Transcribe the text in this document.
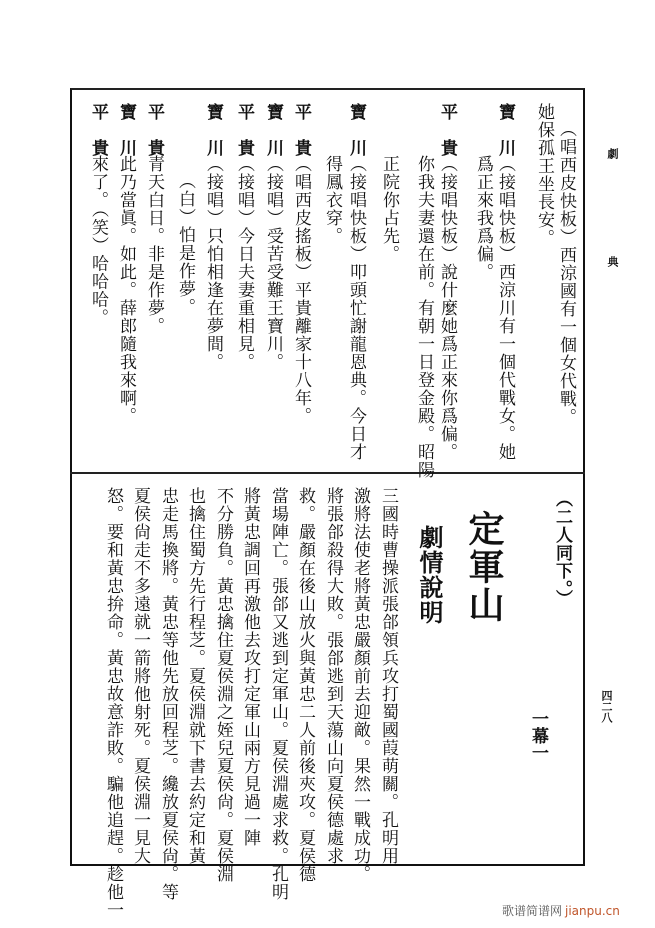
劇
典
四二八
（唱西皮快板）西涼國有一個女代戰。
她保孤王坐長安。
寶川
（接唱快板）西涼川有一個代戰女。她
爲正來我爲偏。
平貴
（接唱快板）說什麼她爲正來你爲偏。
你我夫妻還在前。有朝一日登金殿。昭陽
正院你占先。
寶川
（接唱快板）叩頭忙謝龍恩典。今日才
得鳳衣穿。
平貴
（唱西皮搖板）平貴離家十八年。
寶川
（接唱）受苦受難王寶川。
平貴
（接唱）今日夫妻重相見。
寶川
（接唱）只怕相逢在夢間。
（白）怕是作夢。
平貴
青天白日。非是作夢。
寶川
此乃當眞。如此。薛郎隨我來啊。
平貴
來了。（笑）哈哈哈。
（二人同下。）
一幕一
定軍山
劇情說明
三國時曹操派張郃領兵攻打蜀國葭萌關。孔明用
激將法使老將黃忠嚴顏前去迎敵。果然一戰成功。
將張郃殺得大敗。張郃逃到天蕩山向夏侯德處求
救。嚴顏在後山放火與黃忠二人前後夾攻。夏侯德
當場陣亡。張郃又逃到定軍山。夏侯淵處求救。孔明
將黃忠調回再激他去攻打定軍山兩方見過一陣
不分勝負。黃忠擒住夏侯淵之姪兒夏侯尙。夏侯淵
也擒住蜀方先行程芝。夏侯淵就下書去約定和黃
忠走馬換將。黃忠等他先放回程芝。纔放夏侯尙。等
夏侯尙走不多遠就一箭將他射死。夏侯淵一見大
怒。要和黃忠拚命。黃忠故意詐敗。騙他追趕。趁他一	歌谱简谱网 jianpu.cn
